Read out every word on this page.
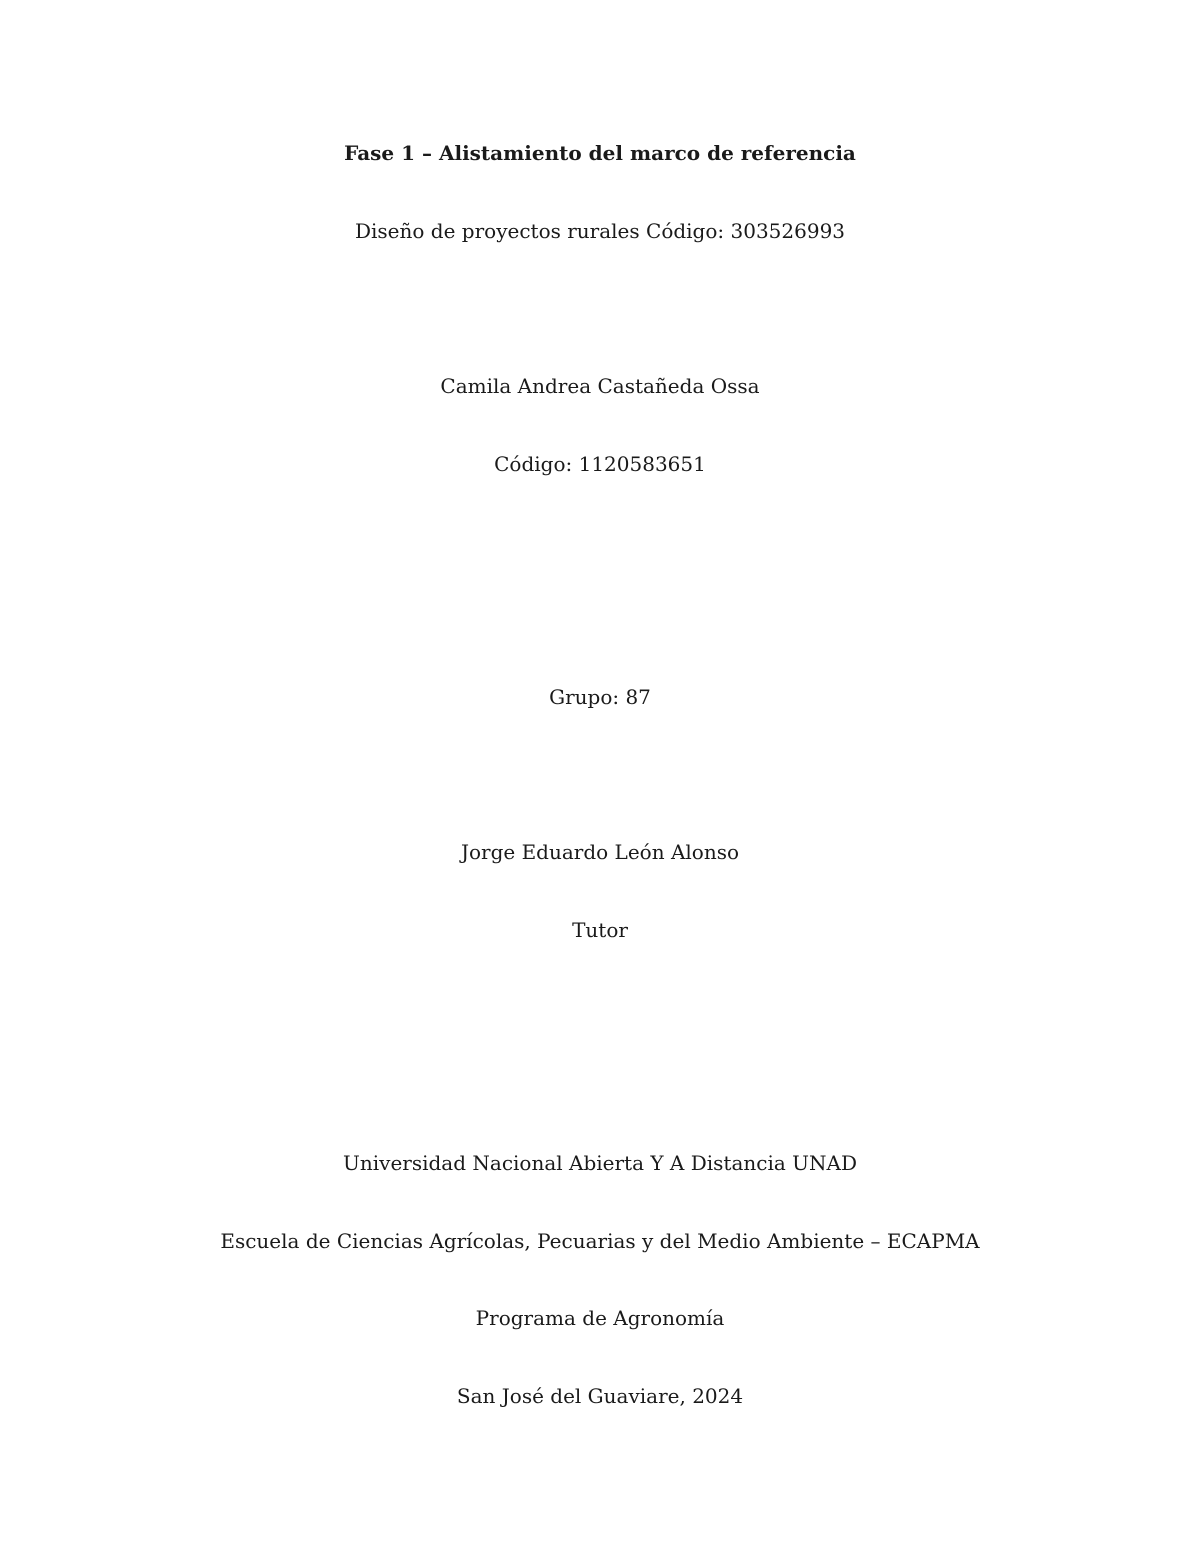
Fase 1 – Alistamiento del marco de referencia
Diseño de proyectos rurales Código: 303526993
Camila Andrea Castañeda Ossa
Código: 1120583651
Grupo: 87
Jorge Eduardo León Alonso
Tutor
Universidad Nacional Abierta Y A Distancia UNAD
Escuela de Ciencias Agrícolas, Pecuarias y del Medio Ambiente – ECAPMA
Programa de Agronomía
San José del Guaviare, 2024
